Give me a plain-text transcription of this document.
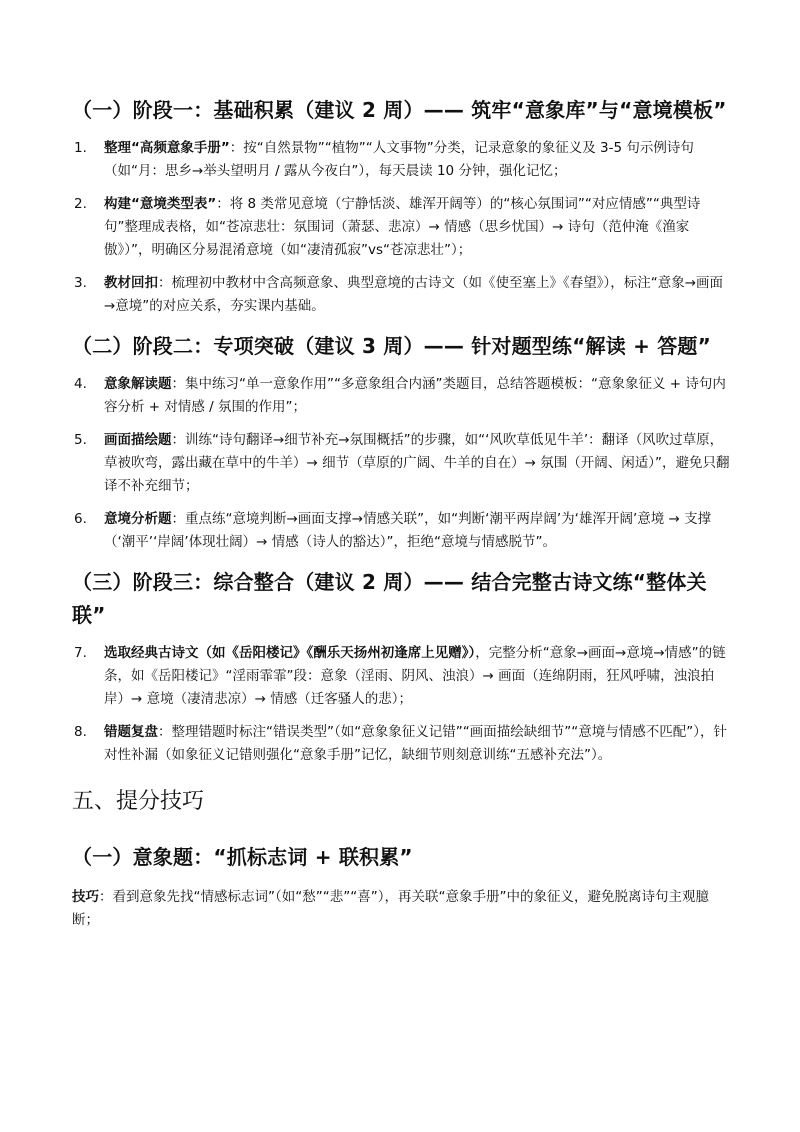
（一）阶段一：基础积累（建议 2 周）—— 筑牢“意象库”与“意境模板”
1. 整理“高频意象手册”：按“自然景物”“植物”“人文事物”分类，记录意象的象征义及 3-5 句示例诗句（如“月：思乡→举头望明月 / 露从今夜白”），每天晨读 10 分钟，强化记忆；
2. 构建“意境类型表”：将 8 类常见意境（宁静恬淡、雄浑开阔等）的“核心氛围词”“对应情感”“典型诗句”整理成表格，如“苍凉悲壮：氛围词（萧瑟、悲凉）→ 情感（思乡忧国）→ 诗句（范仲淹《渔家傲》）”，明确区分易混淆意境（如“凄清孤寂”vs“苍凉悲壮”）；
3. 教材回扣：梳理初中教材中含高频意象、典型意境的古诗文（如《使至塞上》《春望》），标注“意象→画面→意境”的对应关系，夯实课内基础。
（二）阶段二：专项突破（建议 3 周）—— 针对题型练“解读 + 答题”
4. 意象解读题：集中练习“单一意象作用”“多意象组合内涵”类题目，总结答题模板：“意象象征义 + 诗句内容分析 + 对情感 / 氛围的作用”；
5. 画面描绘题：训练“诗句翻译→细节补充→氛围概括”的步骤，如“‘风吹草低见牛羊’：翻译（风吹过草原，草被吹弯，露出藏在草中的牛羊）→ 细节（草原的广阔、牛羊的自在）→ 氛围（开阔、闲适）”，避免只翻译不补充细节；
6. 意境分析题：重点练“意境判断→画面支撑→情感关联”，如“判断‘潮平两岸阔’为‘雄浑开阔’意境 → 支撑（‘潮平’‘岸阔’体现壮阔）→ 情感（诗人的豁达）”，拒绝“意境与情感脱节”。
（三）阶段三：综合整合（建议 2 周）—— 结合完整古诗文练“整体关联”
7. 选取经典古诗文（如《岳阳楼记》《酬乐天扬州初逢席上见赠》），完整分析“意象→画面→意境→情感”的链条，如《岳阳楼记》“淫雨霏霏”段：意象（淫雨、阴风、浊浪）→ 画面（连绵阴雨，狂风呼啸，浊浪拍岸）→ 意境（凄清悲凉）→ 情感（迁客骚人的悲）；
8. 错题复盘：整理错题时标注“错误类型”（如“意象象征义记错”“画面描绘缺细节”“意境与情感不匹配”），针对性补漏（如象征义记错则强化“意象手册”记忆，缺细节则刻意训练“五感补充法”）。
五、提分技巧
（一）意象题：“抓标志词 + 联积累”

技巧：看到意象先找“情感标志词”（如“愁”“悲”“喜”），再关联“意象手册”中的象征义，避免脱离诗句主观臆断；
